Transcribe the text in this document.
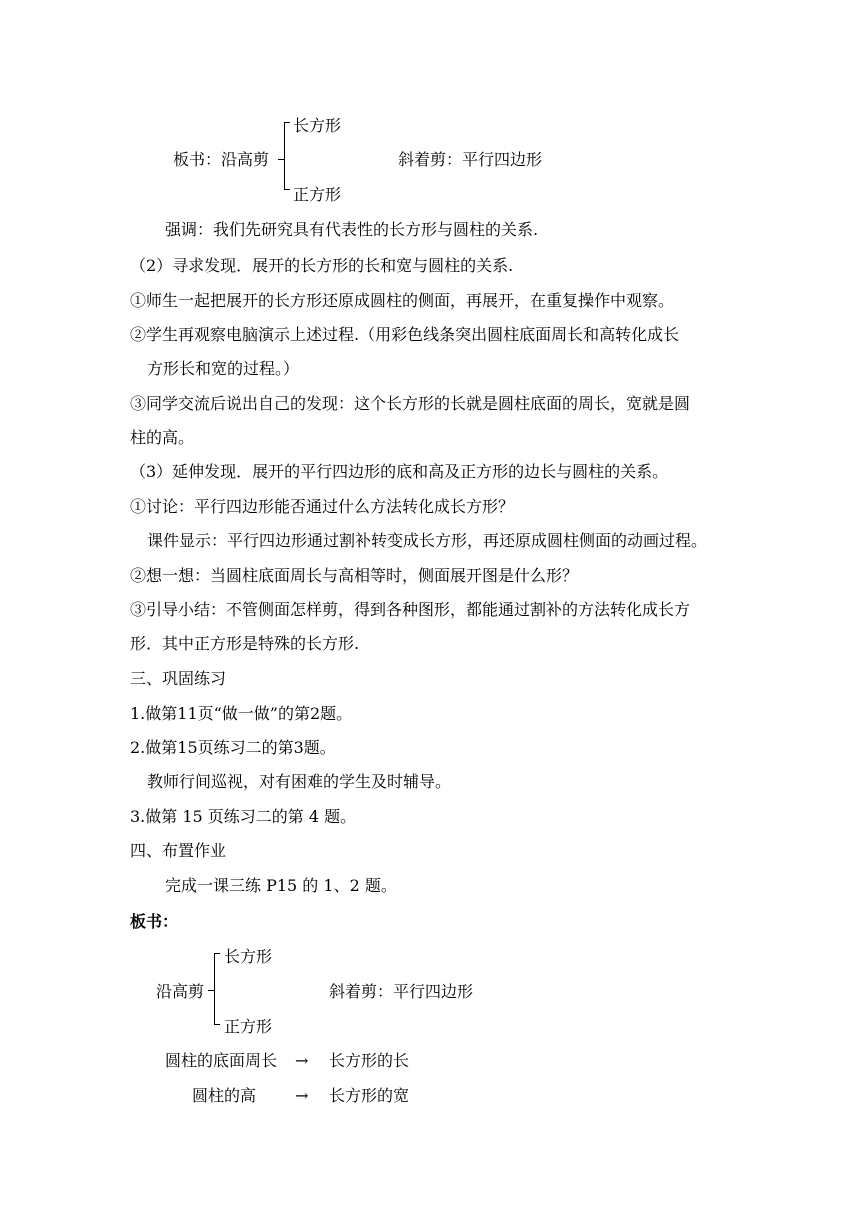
长方形
板书：沿高剪
正方形
斜着剪：平行四边形
强调：我们先研究具有代表性的长方形与圆柱的关系.
（2）寻求发现．展开的长方形的长和宽与圆柱的关系.
①师生一起把展开的长方形还原成圆柱的侧面，再展开，在重复操作中观察。
②学生再观察电脑演示上述过程.（用彩色线条突出圆柱底面周长和高转化成长
方形长和宽的过程。）
③同学交流后说出自己的发现：这个长方形的长就是圆柱底面的周长，宽就是圆
柱的高。
（3）延伸发现．展开的平行四边形的底和高及正方形的边长与圆柱的关系。
①讨论：平行四边形能否通过什么方法转化成长方形？
课件显示：平行四边形通过割补转变成长方形，再还原成圆柱侧面的动画过程。
②想一想：当圆柱底面周长与高相等时，侧面展开图是什么形？
③引导小结：不管侧面怎样剪，得到各种图形，都能通过割补的方法转化成长方
形．其中正方形是特殊的长方形.
三、巩固练习
1.做第11页“做一做”的第2题。
2.做第15页练习二的第3题。
教师行间巡视，对有困难的学生及时辅导。
3.做第 15 页练习二的第 4 题。
四、布置作业
完成一课三练 P15 的 1、2 题。
板书：
长方形
沿高剪
正方形
斜着剪：平行四边形
圆柱的底面周长 → 长方形的长
圆柱的高 → 长方形的宽
